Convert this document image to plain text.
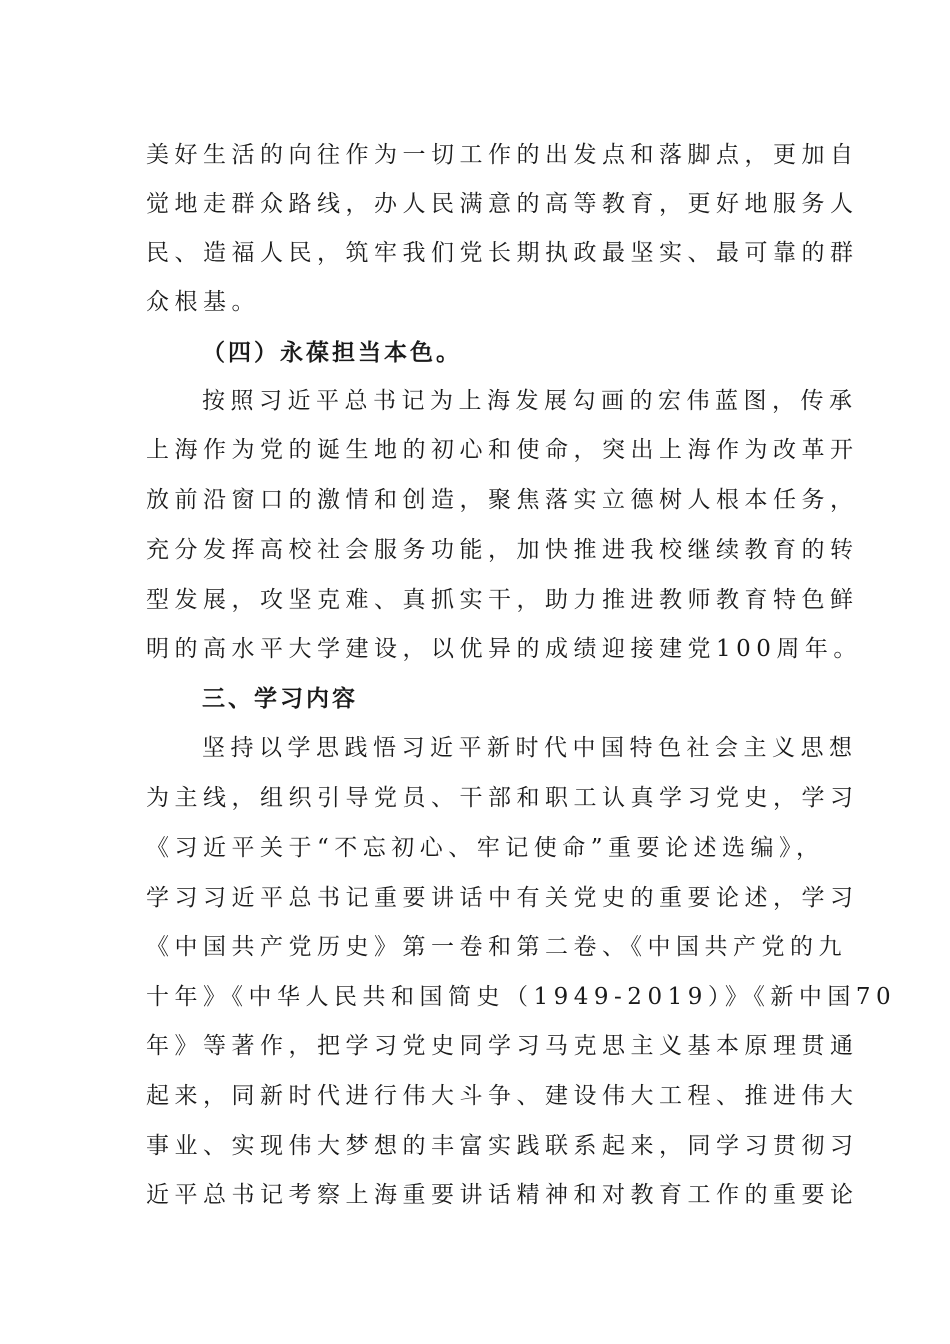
美好生活的向往作为一切工作的出发点和落脚点，更加自
觉地走群众路线，办人民满意的高等教育，更好地服务人
民、造福人民，筑牢我们党长期执政最坚实、最可靠的群
众根基。
（四）永葆担当本色。
按照习近平总书记为上海发展勾画的宏伟蓝图，传承
上海作为党的诞生地的初心和使命，突出上海作为改革开
放前沿窗口的激情和创造，聚焦落实立德树人根本任务，
充分发挥高校社会服务功能，加快推进我校继续教育的转
型发展，攻坚克难、真抓实干，助力推进教师教育特色鲜
明的高水平大学建设，以优异的成绩迎接建党100周年。
三、学习内容
坚持以学思践悟习近平新时代中国特色社会主义思想
为主线，组织引导党员、干部和职工认真学习党史，学习
《习近平关于“不忘初心、牢记使命”重要论述选编》，
学习习近平总书记重要讲话中有关党史的重要论述，学习
《中国共产党历史》第一卷和第二卷、《中国共产党的九
十年》《中华人民共和国简史（1949-2019）》《新中国70
年》等著作，把学习党史同学习马克思主义基本原理贯通
起来，同新时代进行伟大斗争、建设伟大工程、推进伟大
事业、实现伟大梦想的丰富实践联系起来，同学习贯彻习
近平总书记考察上海重要讲话精神和对教育工作的重要论
